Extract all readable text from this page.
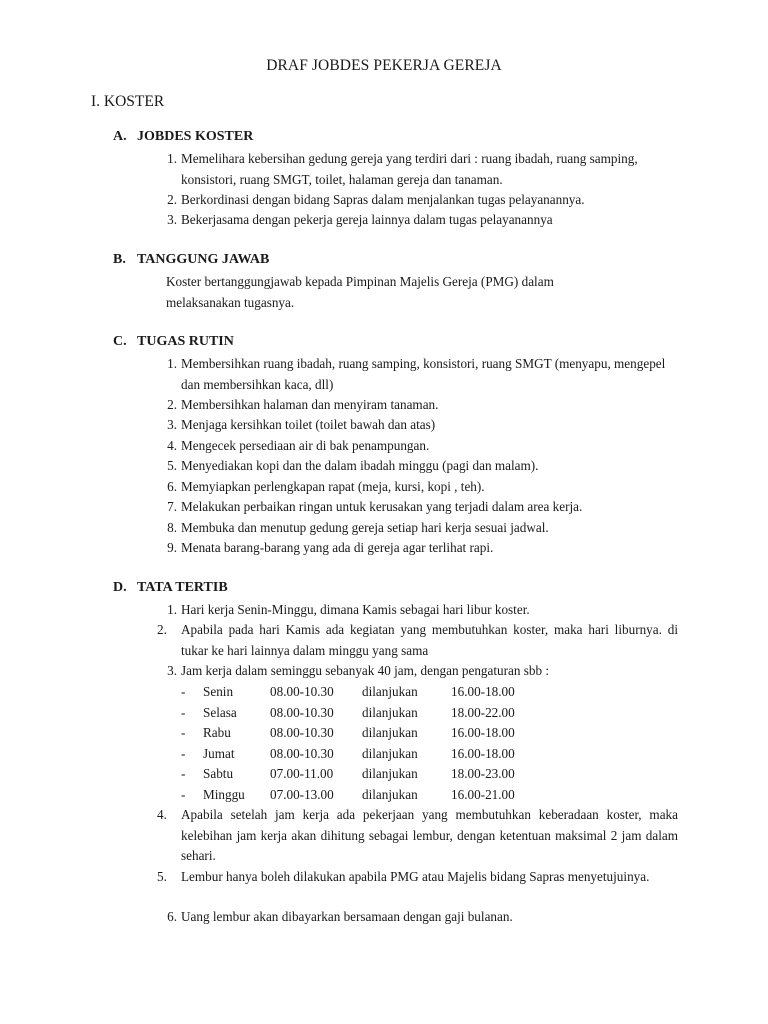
DRAF JOBDES PEKERJA GEREJA
I. KOSTER
A. JOBDES KOSTER
1. Memelihara kebersihan gedung gereja yang terdiri dari : ruang ibadah, ruang samping, konsistori, ruang SMGT, toilet, halaman gereja dan tanaman.
2. Berkordinasi dengan bidang Sapras dalam menjalankan tugas pelayanannya.
3. Bekerjasama dengan pekerja gereja lainnya dalam tugas pelayanannya
B. TANGGUNG JAWAB
Koster bertanggungjawab kepada Pimpinan Majelis Gereja (PMG) dalam melaksanakan tugasnya.
C. TUGAS RUTIN
1. Membersihkan ruang ibadah, ruang samping, konsistori, ruang SMGT (menyapu, mengepel dan membersihkan kaca, dll)
2. Membersihkan halaman dan menyiram tanaman.
3. Menjaga kersihkan toilet (toilet bawah dan atas)
4. Mengecek persediaan air di bak penampungan.
5. Menyediakan kopi dan the dalam ibadah minggu (pagi dan malam).
6. Memyiapkan perlengkapan rapat (meja, kursi, kopi , teh).
7. Melakukan perbaikan ringan untuk kerusakan yang terjadi dalam area kerja.
8. Membuka dan menutup gedung gereja setiap hari kerja sesuai jadwal.
9. Menata barang-barang yang ada di gereja agar terlihat rapi.
D. TATA TERTIB
1. Hari kerja Senin-Minggu, dimana Kamis sebagai hari libur koster.
2.	Apabila pada hari Kamis ada kegiatan yang membutuhkan koster, maka hari liburnya. di tukar ke hari lainnya dalam minggu yang sama
3. Jam kerja dalam seminggu sebanyak 40 jam, dengan pengaturan sbb :
- Senin	08.00-10.30 dilanjukan	16.00-18.00
- Selasa	08.00-10.30 dilanjukan	18.00-22.00
- Rabu	08.00-10.30 dilanjukan	16.00-18.00
- Jumat	08.00-10.30 dilanjukan	16.00-18.00
- Sabtu	07.00-11.00 dilanjukan	18.00-23.00
- Minggu 07.00-13.00 dilanjukan	16.00-21.00
4.	Apabila setelah jam kerja ada pekerjaan yang membutuhkan keberadaan koster, maka kelebihan jam kerja akan dihitung sebagai lembur, dengan ketentuan maksimal 2 jam dalam sehari.
5.	Lembur hanya boleh dilakukan apabila PMG atau Majelis bidang Sapras menyetujuinya.
6. Uang lembur akan dibayarkan bersamaan dengan gaji bulanan.
